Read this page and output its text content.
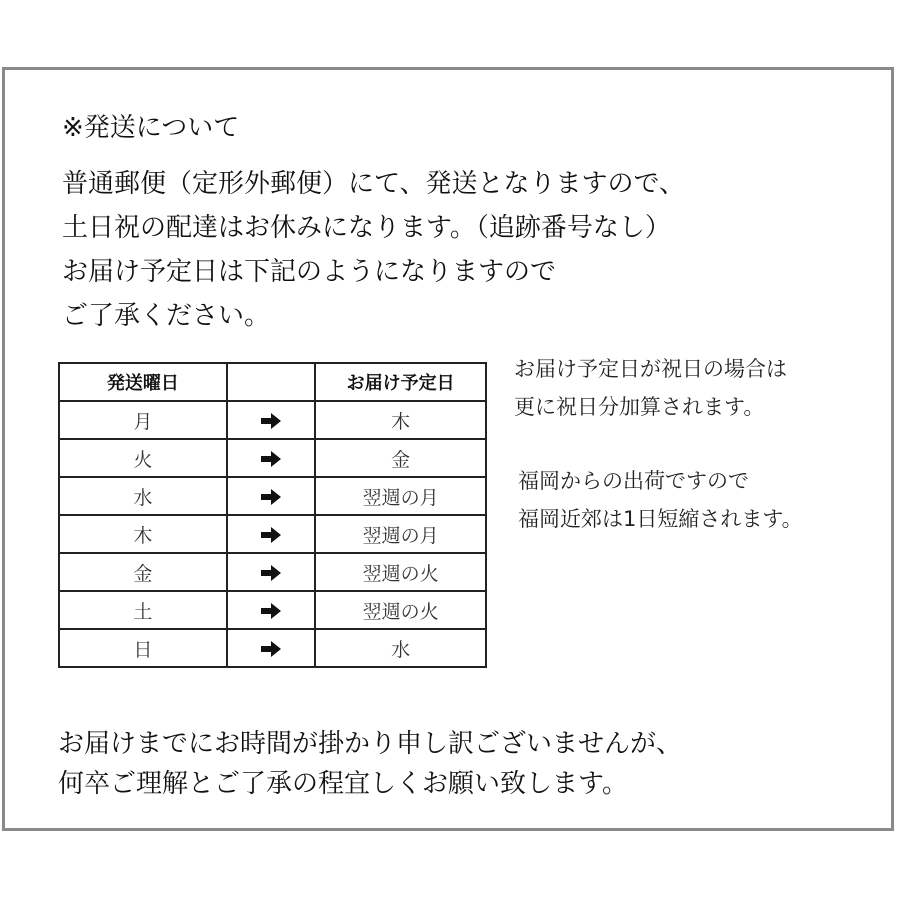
※発送について
普通郵便（定形外郵便）にて、発送となりますので、
土日祝の配達はお休みになります。（追跡番号なし）
お届け予定日は下記のようになりますので
ご了承ください。
発送曜日		お届け予定日
月		木
火		金
水		翌週の月
木		翌週の月
金		翌週の火
土		翌週の火
日		水
お届け予定日が祝日の場合は
更に祝日分加算されます。
福岡からの出荷ですので
福岡近郊は1日短縮されます。
お届けまでにお時間が掛かり申し訳ございませんが、
何卒ご理解とご了承の程宜しくお願い致します。
